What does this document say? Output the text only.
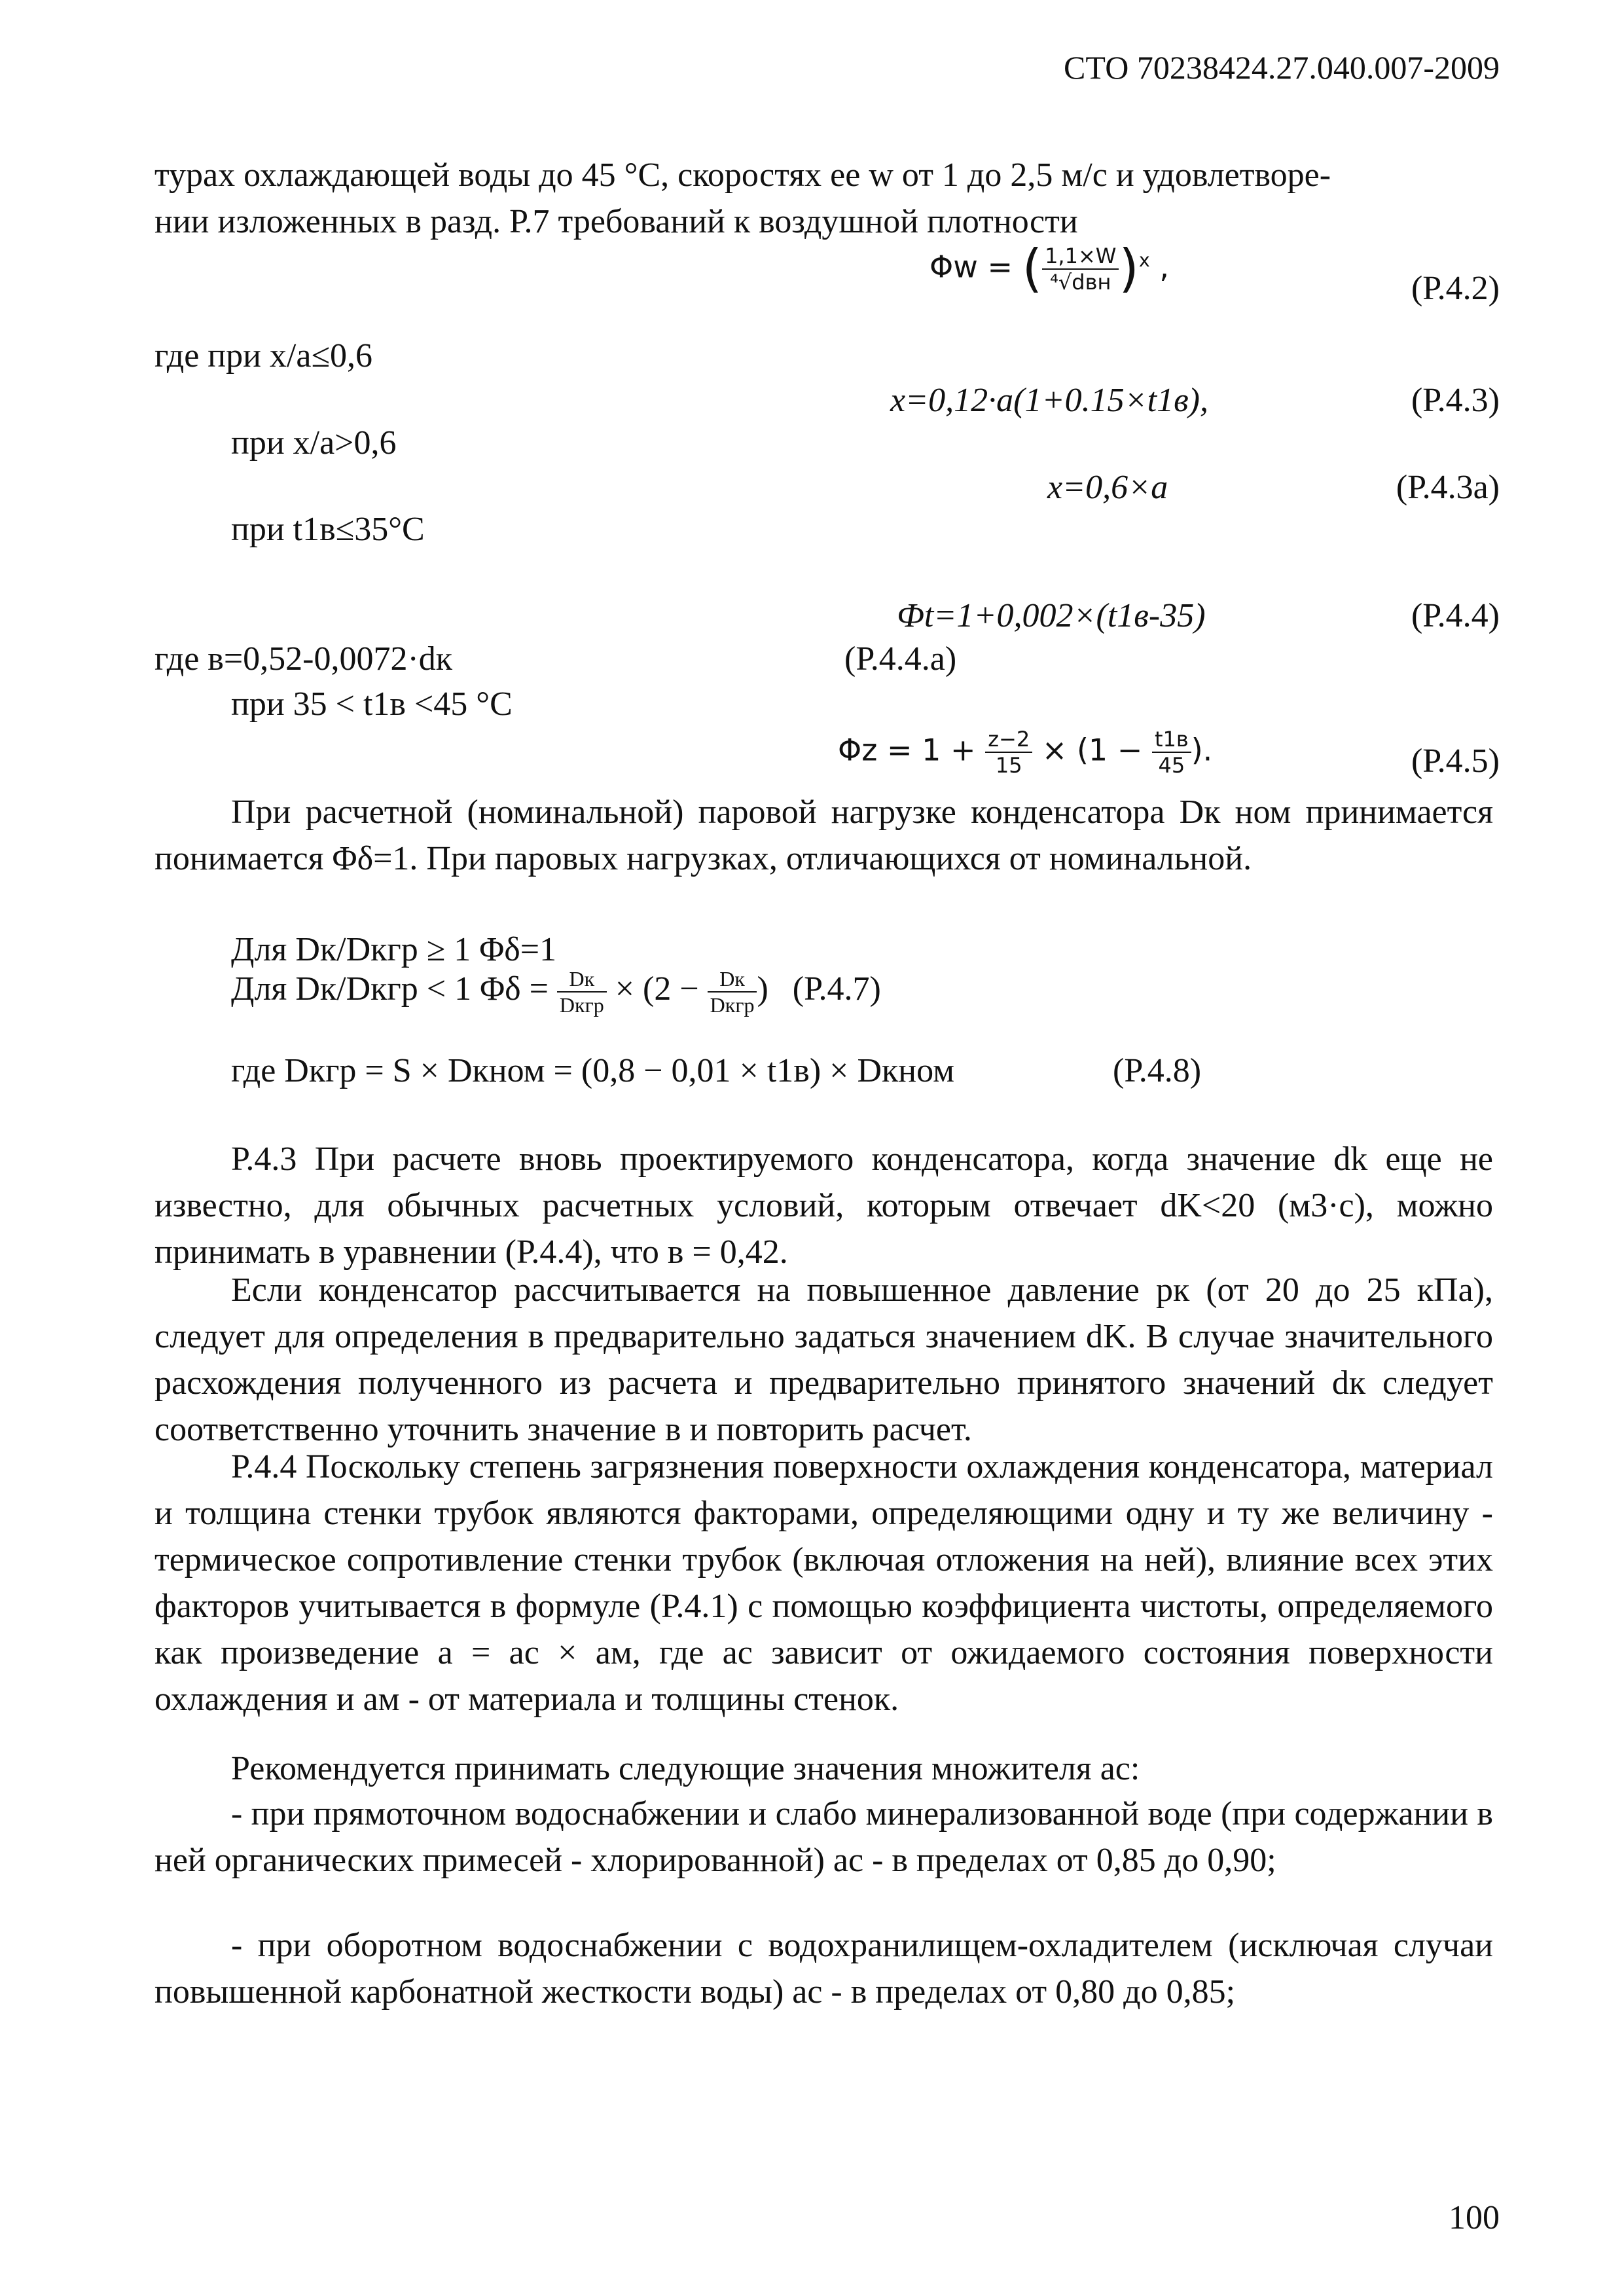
СТО 70238424.27.040.007-2009
турах охлаждающей воды до 45 °С, скоростях ее w от 1 до 2,5 м/с и удовлетворе-
нии изложенных в разд. Р.7 требований к воздушной плотности
Φw = ( $\frac{1,1\times W}{\text{⁴√dвн}} )^x$ ,
(Р.4.2)
где при x/a≤0,6
x=0,12·a(1+0.15×t1в),	(Р.4.3)
при x/a>0,6
x=0,6×a	(Р.4.3а)
при t1в≤35°С
Фt=1+0,002×(t1в-35)	(Р.4.4)
где в=0,52-0,0072·dк	(Р.4.4.а)
при 35 < t1в <45 °С
$\Phi z = 1 + \frac{z-2}{15} \times (1 - \frac{t1в}{45}$ ).	(Р.4.5)
При расчетной (номинальной) паровой нагрузке конденсатора Dк ном принимается понимается Φδ=1. При паровых нагрузках, отличающихся от номинальной.
Для Dк/Dкгр ≥ 1 Φδ=1
Для Dк/Dкгр < 1 $\Phi\delta = \frac{Dк}{\text{Dкгр}} \times (2 - \frac{Dк}{\text{Dкгр}}$ ) (Р.4.7)
где Dкгр = S × Dкном = (0,8 − 0,01 × t1в) × Dкном	(Р.4.8)
Р.4.3 При расчете вновь проектируемого конденсатора, когда значение dk еще не известно, для обычных расчетных условий, которым отвечает dK<20 (м3·с), можно принимать в уравнении (Р.4.4), что в = 0,42.
Если конденсатор рассчитывается на повышенное давление pк (от 20 до 25 кПа), следует для определения в предварительно задаться значением dK. В случае значительного расхождения полученного из расчета и предварительно принятого значений dк следует соответственно уточнить значение в и повторить расчет.
Р.4.4 Поскольку степень загрязнения поверхности охлаждения конденсатора, материал и толщина стенки трубок являются факторами, определяющими одну и ту же величину - термическое сопротивление стенки трубок (включая отложения на ней), влияние всех этих факторов учитывается в формуле (Р.4.1) с помощью коэффициента чистоты, определяемого как произведение a = aс × aм, где aс зависит от ожидаемого состояния поверхности охлаждения и aм - от материала и толщины стенок.
Рекомендуется принимать следующие значения множителя aс:
- при прямоточном водоснабжении и слабо минерализованной воде (при содержании в ней органических примесей - хлорированной) aс - в пределах от 0,85 до 0,90;
- при оборотном водоснабжении с водохранилищем-охладителем (исключая случаи повышенной карбонатной жесткости воды) aс - в пределах от 0,80 до 0,85;
100
